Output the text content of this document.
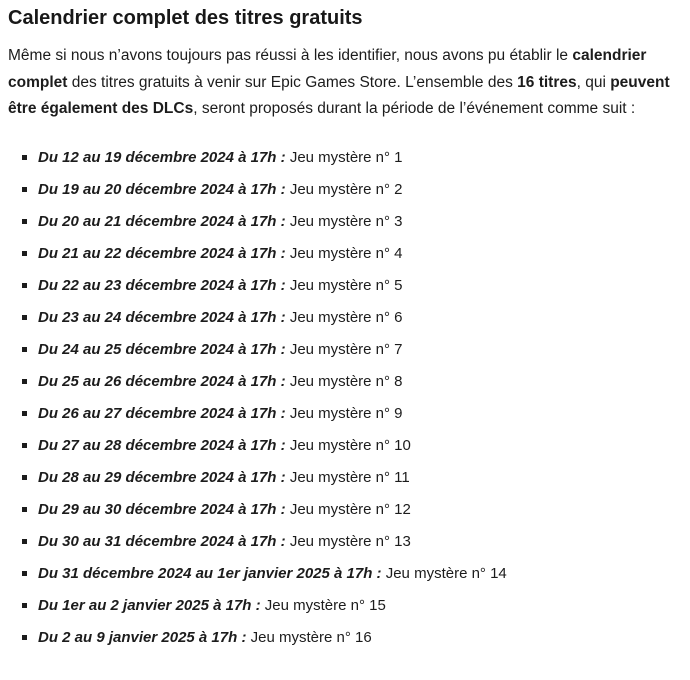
Calendrier complet des titres gratuits

Même si nous n’avons toujours pas réussi à les identifier, nous avons pu établir le calendrier complet des titres gratuits à venir sur Epic Games Store. L’ensemble des 16 titres, qui peuvent être également des DLCs, seront proposés durant la période de l’événement comme suit :

Du 12 au 19 décembre 2024 à 17h : Jeu mystère n° 1
Du 19 au 20 décembre 2024 à 17h : Jeu mystère n° 2
Du 20 au 21 décembre 2024 à 17h : Jeu mystère n° 3
Du 21 au 22 décembre 2024 à 17h : Jeu mystère n° 4
Du 22 au 23 décembre 2024 à 17h : Jeu mystère n° 5
Du 23 au 24 décembre 2024 à 17h : Jeu mystère n° 6
Du 24 au 25 décembre 2024 à 17h : Jeu mystère n° 7
Du 25 au 26 décembre 2024 à 17h : Jeu mystère n° 8
Du 26 au 27 décembre 2024 à 17h : Jeu mystère n° 9
Du 27 au 28 décembre 2024 à 17h : Jeu mystère n° 10
Du 28 au 29 décembre 2024 à 17h : Jeu mystère n° 11
Du 29 au 30 décembre 2024 à 17h : Jeu mystère n° 12
Du 30 au 31 décembre 2024 à 17h : Jeu mystère n° 13
Du 31 décembre 2024 au 1er janvier 2025 à 17h : Jeu mystère n° 14
Du 1er au 2 janvier 2025 à 17h : Jeu mystère n° 15
Du 2 au 9 janvier 2025 à 17h : Jeu mystère n° 16
